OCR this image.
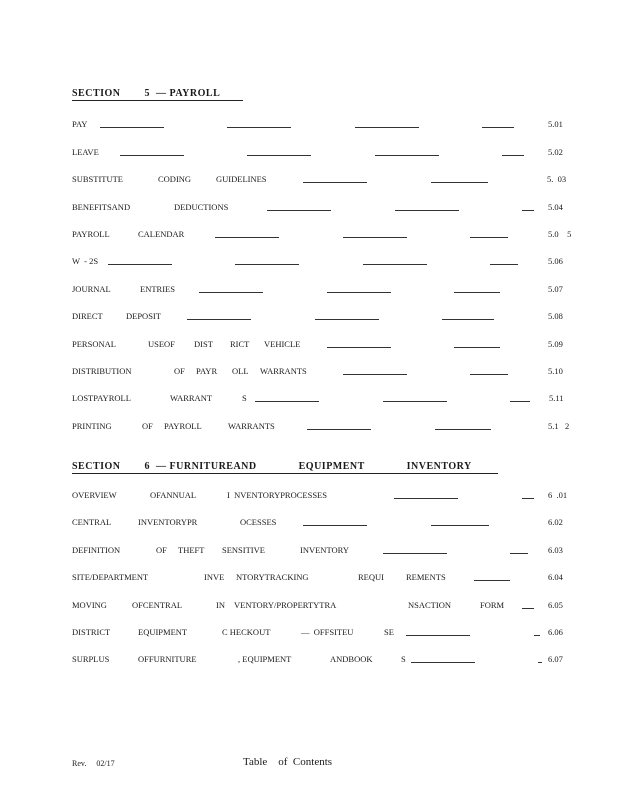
SECTION        5  — PAYROLL
PAY	5.01
LEAVE	5.02
SUBSTITUTE	CODING	GUIDELINES	5.  03
BENEFITSAND	DEDUCTIONS	5.04
PAYROLL	CALENDAR	5.0    5
W  - 2S	5.06
JOURNAL	ENTRIES	5.07
DIRECT	DEPOSIT	5.08
PERSONAL	USEOF DIST RICT VEHICLE	5.09
DISTRIBUTION	OF PAYR OLL WARRANTS	5.10
LOSTPAYROLL	WARRANT	S	5.11
PRINTING	OF PAYROLL	WARRANTS	5.1   2
SECTION        6  — FURNITUREAND              EQUIPMENT              INVENTORY
OVERVIEW	OFANNUAL	I  NVENTORYPROCESSES	6  .01
CENTRAL	INVENTORYPR	OCESSES	6.02
DEFINITION	OF THEFT SENSITIVE	INVENTORY	6.03
SITE/DEPARTMENT	INVE NTORYTRACKING	REQUI	REMENTS	6.04
MOVING	OFCENTRAL	IN VENTORY/PROPERTYTRA	NSACTION	FORM	6.05
DISTRICT	EQUIPMENT	C HECKOUT	—  OFFSITEU	SE	6.06
SURPLUS	OFFURNITURE	, EQUIPMENT	ANDBOOK	S	6.07
Rev.     02/17	Table    of  Contents
